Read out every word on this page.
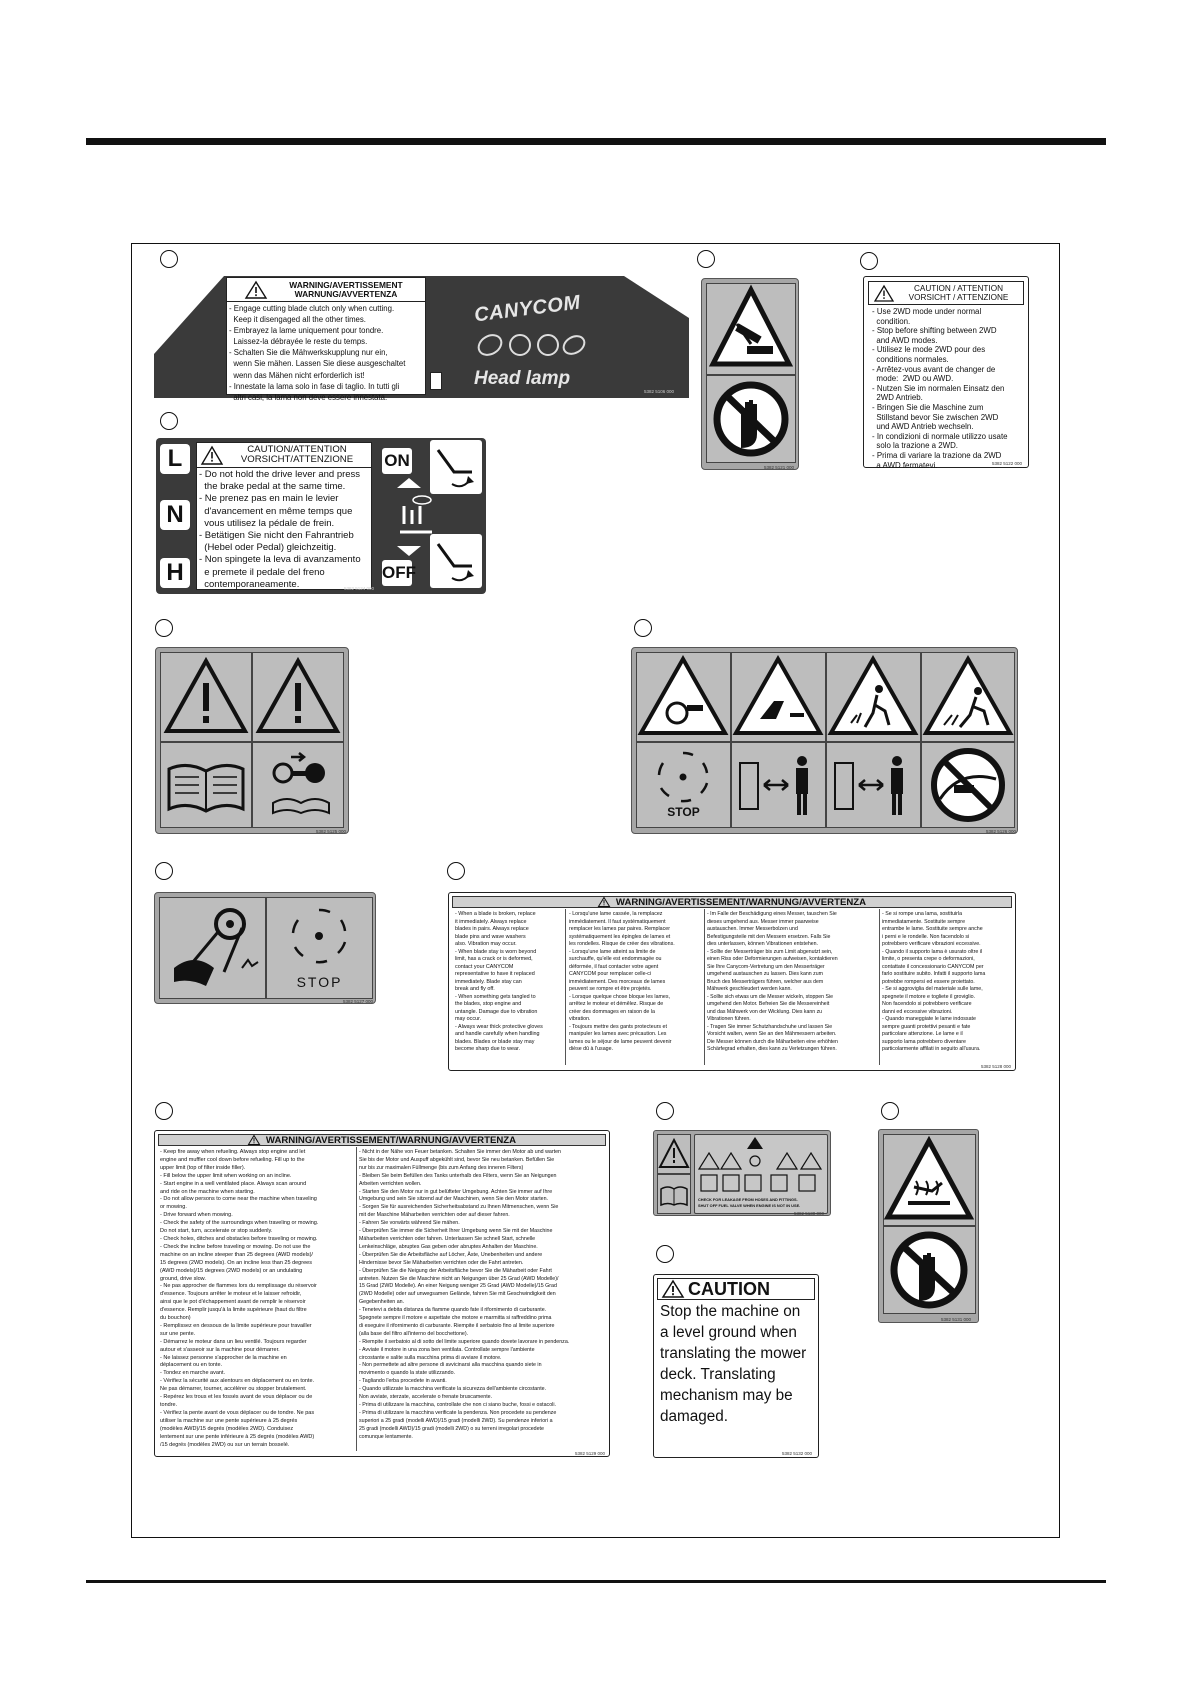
WARNING/AVERTISSEMENT
WARNUNG/AVVERTENZA
- Engage cutting blade clutch only when cutting.
Keep it disengaged all the other times.
- Embrayez la lame uniquement pour tondre.
Laissez-la débrayée le reste du temps.
- Schalten Sie die Mähwerkskupplung nur ein,
wenn Sie mähen. Lassen Sie diese ausgeschaltet
wenn das Mähen nicht erforderlich ist!
- Innestate la lama solo in fase di taglio. In tutti gli
altri casi, la lama non deve essere innestata.
CANYCOM
Head lamp
5382 5106 000
5382 5121 000
CAUTION / ATTENTION
VORSICHT / ATTENZIONE
- Use 2WD mode under normal
condition.
- Stop before shifting between 2WD
and AWD modes.
- Utilisez le mode 2WD pour des
conditions normales.
- Arrêtez-vous avant de changer de
mode:  2WD ou AWD.
- Nutzen Sie im normalen Einsatz den
2WD Antrieb.
- Bringen Sie die Maschine zum
Stillstand bevor Sie zwischen 2WD
und AWD Antrieb wechseln.
- In condizioni di normale utilizzo usate
solo la trazione a 2WD.
- Prima di variare la trazione da 2WD
a AWD fermatevi.	5382 5122 000
L
N
H
CAUTION/ATTENTION
VORSICHT/ATTENZIONE
- Do not hold the drive lever and press
the brake pedal at the same time.
- Ne prenez pas en main le levier
d'avancement en même temps que
vous utilisez la pédale de frein.
- Betätigen Sie nicht den Fahrantrieb
(Hebel oder Pedal) gleichzeitig.
- Non spingete la leva di avanzamento
e premete il pedale del freno
contemporaneamente.
ON
OFF
5382 5124 000
5382 5125 000
STOP
5382 5126 000
STOP
5382 5127 000
WARNING/AVERTISSEMENT/WARNUNG/AVVERTENZA
- When a blade is broken, replace
it immediately. Always replace
blades in pairs. Always replace
blade pins and wave washers
also. Vibration may occur.
- When blade stay is worn beyond
limit, has a crack or is deformed,
contact your CANYCOM
representative to have it replaced
immediately. Blade stay can
break and fly off.
- When something gets tangled to
the blades, stop engine and
untangle. Damage due to vibration
may occur.
- Always wear thick protective gloves
and handle carefully when handling
blades. Blades or blade stay may
become sharp due to wear.
- Lorsqu'une lame cassée, la remplacez
immédiatement. Il faut systématiquement
remplacer les lames par paires. Remplacer
systématiquement les épingles de lames et
les rondelles. Risque de créer des vibrations.
- Lorsqu'une lame atteint sa limite de
surchauffe, qu'elle est endommagée ou
déformée, il faut contacter votre agent
CANYCOM pour remplacer celle-ci
immédiatement. Des morceaux de lames
peuvent se rompre et être projetés.
- Lorsque quelque chose bloque les lames,
arrêtez le moteur et démêlez. Risque de
créer des dommages en raison de la
vibration.
- Toujours mettre des gants protecteurs et
manipuler les lames avec précaution. Les
lames ou le séjour de lame peuvent devenir
dièse dû à l'usage.
- Im Falle der Beschädigung eines Messer, tauschen Sie
dieses umgehend aus. Messer immer paarweise
austauschen. Immer Messerbolzen und
Befestigungsteile mit den Messern ersetzen. Falls Sie
dies unterlassen, können Vibrationen entstehen.
- Sollte der Messerträger bis zum Limit abgenutzt sein,
einen Riss oder Deformierungen aufweisen, kontaktieren
Sie Ihre Canycom-Vertretung um den Messerträger
umgehend austauschen zu lassen. Dies kann zum
Bruch des Messerträgers führen, welcher aus dem
Mähwerk geschleudert werden kann.
- Sollte sich etwas um die Messer wickeln, stoppen Sie
umgehend den Motor. Befreien Sie die Messereinheit
und das Mähwerk von der Wicklung. Dies kann zu
Vibrationen führen.
- Tragen Sie immer Schutzhandschuhe und lassen Sie
Vorsicht walten, wenn Sie an den Mähmessern arbeiten.
Die Messer können durch die Mäharbeiten eine erhöhten
Schärfegrad erhalten, dies kann zu Verletzungen führen.
- Se si rompe una lama, sostituirla
immediatamente. Sostituite sempre
entrambe le lame. Sostituite sempre anche
i perni e le rondelle. Non facendolo si
potrebbero verificare vibrazioni eccessive.
- Quando il supporto lama è usurato oltre il
limite, o presenta crepe o deformazioni,
contattate il concessionario CANYCOM per
farlo sostituire subito. Infatti il supporto lama
potrebbe rompersi ed essere proiettato.
- Se si aggroviglia del materiale sulle lame,
spegnete il motore e togliete il groviglio.
Non facendolo si potrebbero verificare
danni ed eccessive vibrazioni.
- Quando maneggiate le lame indossate
sempre guanti protettivi pesanti e fate
particolare attenzione. Le lame e il
supporto lama potrebbero diventare
particolarmente affilati in seguito all'usura.
5382 5128 000
WARNING/AVERTISSEMENT/WARNUNG/AVVERTENZA
- Keep fire away when refueling. Always stop engine and let
engine and muffler cool down before refueling. Fill up to the
upper limit (top of filter inside filler).
- Fill below the upper limit when working on an incline.
- Start engine in a well ventilated place. Always scan around
and ride on the machine when starting.
- Do not allow persons to come near the machine when traveling
or mowing.
- Drive forward when mowing.
- Check the safety of the surroundings when traveling or mowing.
Do not start, turn, accelerate or stop suddenly.
- Check holes, ditches and obstacles before traveling or mowing.
- Check the incline before traveling or mowing. Do not use the
machine on an incline steeper than 25 degrees (AWD models)/
15 degrees (2WD models). On an incline less than 25 degrees
(AWD models)/15 degrees (2WD models) or an undulating
ground, drive slow.
- Ne pas approcher de flammes lors du remplissage du réservoir
d'essence. Toujours arrêter le moteur et le laisser refroidir,
ainsi que le pot d'échappement avant de remplir le réservoir
d'essence. Remplir jusqu'à la limite supérieure (haut du filtre
du bouchon)
- Remplissez en dessous de la limite supérieure pour travailler
sur une pente.
- Démarrez le moteur dans un lieu ventilé. Toujours regarder
autour et s'asseoir sur la machine pour démarrer.
- Ne laissez personne s'approcher de la machine en
déplacement ou en tonte.
- Tondez en marche avant.
- Vérifiez la sécurité aux alentours en déplacement ou en tonte.
Ne pas démarrer, tourner, accélérer ou stopper brutalement.
- Repérez les trous et les fossés avant de vous déplacer ou de
tondre.
- Vérifiez la pente avant de vous déplacer ou de tondre. Ne pas
utiliser la machine sur une pente supérieure à 25 degrés
(modèles AWD)/15 degrés (modèles 2WD). Conduisez
lentement sur une pente inférieure à 25 degrés (modèles AWD)
/15 degrés (modèles 2WD) ou sur un terrain bosselé.
- Nicht in der Nähe von Feuer betanken. Schalten Sie immer den Motor ab und warten
Sie bis der Motor und Auspuff abgekühlt sind, bevor Sie neu betanken. Befüllen Sie
nur bis zur maximalen Füllmenge (bis zum Anfang des inneren Filters)
- Bleiben Sie beim Befüllen des Tanks unterhalb des Filters, wenn Sie an Neigungen
Arbeiten verrichten wollen.
- Starten Sie den Motor nur in gut belüfteter Umgebung. Achten Sie immer auf Ihre
Umgebung und sein Sie sitzend auf der Maschinen, wenn Sie den Motor starten.
- Sorgen Sie für ausreichenden Sicherheitsabstand zu Ihnen Mitmenschen, wenn Sie
mit der Maschine Mäharbeiten verrichten oder auf dieser fahren.
- Fahren Sie vorwärts während Sie mähen.
- Überprüfen Sie immer die Sicherheit Ihrer Umgebung wenn Sie mit der Maschine
Mäharbeiten verrichten oder fahren. Unterlassen Sie schnell Start, schnelle
Lenkeinschläge, abruptes Gas geben oder abruptes Anhalten der Maschine.
- Überprüfen Sie die Arbeitsfläche auf Löcher, Äste, Unebenheiten und andere
Hindernisse bevor Sie Mäharbeiten verrichten oder die Fahrt antreten.
- Überprüfen Sie die Neigung der Arbeitsfläche bevor Sie die Mäharbeit oder Fahrt
antreten. Nutzen Sie die Maschine nicht an Neigungen über 25 Grad (AWD Modelle)/
15 Grad (2WD Modelle). An einer Neigung weniger 25 Grad (AWD Modelle)/15 Grad
(2WD Modelle) oder auf unwegsamen Gelände, fahren Sie mit Geschwindigkeit den
Gegebenheiten an.
- Tenetevi a debita distanza da fiamme quando fate il rifornimento di carburante.
Spegnete sempre il motore e aspettate che motore e marmitta si raffreddino prima
di eseguire il rifornimento di carburante. Riempite il serbatoio fino al limite superiore
(alla base del filtro all'interno del bocchettone).
- Riempite il serbatoio al di sotto del limite superiore quando dovete lavorare in pendenza.
- Avviate il motore in una zona ben ventilata. Controllate sempre l'ambiente
circostante e salite sulla macchina prima di avviare il motore.
- Non permettete ad altre persone di avvicinarsi alla macchina quando siete in
movimento o quando la state utilizzando.
- Tagliando l'erba procedete in avanti.
- Quando utilizzate la macchina verificate la sicurezza dell'ambiente circostante.
Non avviate, sterzate, accelerate o frenate bruscamente.
- Prima di utilizzare la macchina, controllate che non ci siano buche, fossi e ostacoli.
- Prima di utilizzare la macchina verificate la pendenza. Non procedete su pendenze
superiori a 25 gradi (modelli AWD)/15 gradi (modelli 2WD). Su pendenze inferiori a
25 gradi (modelli AWD)/15 gradi (modelli 2WD) o su terreni irregolari procedete
comunque lentamente.
5382 5129 000
CHECK FOR LEAKAGE FROM HOSES AND FITTINGS.
SHUT OFF FUEL VALVE WHEN ENGINE IS NOT IN USE.
5382 5130 000
5382 5131 000
CAUTION
Stop the machine on
a level ground when
translating the mower
deck. Translating
mechanism may be
damaged.
5382 5132 000
